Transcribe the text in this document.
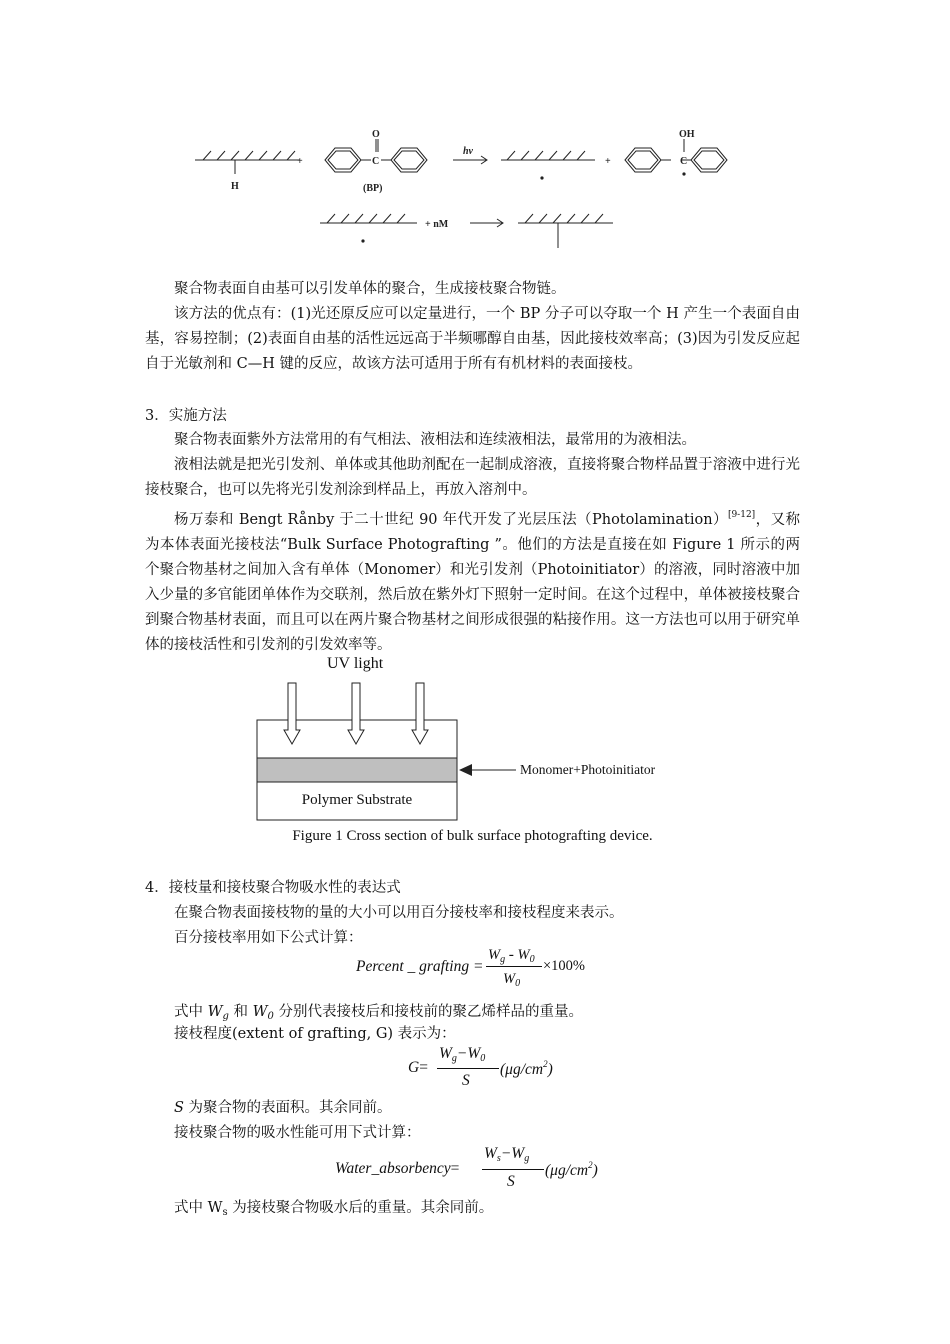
H
O
C
(BP)
hν
+	+
OH
C
+ nM
聚合物表面自由基可以引发单体的聚合，生成接枝聚合物链。
该方法的优点有：(1)光还原反应可以定量进行，一个 BP 分子可以夺取一个 H 产生一个表面自由基，容易控制；(2)表面自由基的活性远远高于半频哪醇自由基，因此接枝效率高；(3)因为引发反应起自于光敏剂和 C—H 键的反应，故该方法可适用于所有有机材料的表面接枝。
3．实施方法
聚合物表面紫外方法常用的有气相法、液相法和连续液相法，最常用的为液相法。
液相法就是把光引发剂、单体或其他助剂配在一起制成溶液，直接将聚合物样品置于溶液中进行光接枝聚合，也可以先将光引发剂涂到样品上，再放入溶剂中。
杨万泰和 Bengt Rånby 于二十世纪 90 年代开发了光层压法（Photolamination）[9-12]，又称为本体表面光接枝法“Bulk Surface Photografting ”。他们的方法是直接在如 Figure 1 所示的两个聚合物基材之间加入含有单体（Monomer）和光引发剂（Photoinitiator）的溶液，同时溶液中加入少量的多官能团单体作为交联剂，然后放在紫外灯下照射一定时间。在这个过程中，单体被接枝聚合到聚合物基材表面，而且可以在两片聚合物基材之间形成很强的粘接作用。这一方法也可以用于研究单体的接枝活性和引发剂的引发效率等。
UV light
Monomer+Photoinitiator
Polymer Substrate
Figure 1 Cross section of bulk surface photografting device.
4．接枝量和接枝聚合物吸水性的表达式
在聚合物表面接枝物的量的大小可以用百分接枝率和接枝程度来表示。
百分接枝率用如下公式计算：
Percent _ grafting =
$W_g - W_0$
$W_0$
×100%
式中 $W_g$ 和 $W_0$ 分别代表接枝后和接枝前的聚乙烯样品的重量。
接枝程度(extent of grafting, G) 表示为：
G=
$W_g-W_0$
S
$(\mu g/cm^2)$
S 为聚合物的表面积。其余同前。
接枝聚合物的吸水性能可用下式计算：
Water_absorbency=
$W_s-W_g$
S
$(\mu g/cm^2)$
式中 $W_s$ 为接枝聚合物吸水后的重量。其余同前。
